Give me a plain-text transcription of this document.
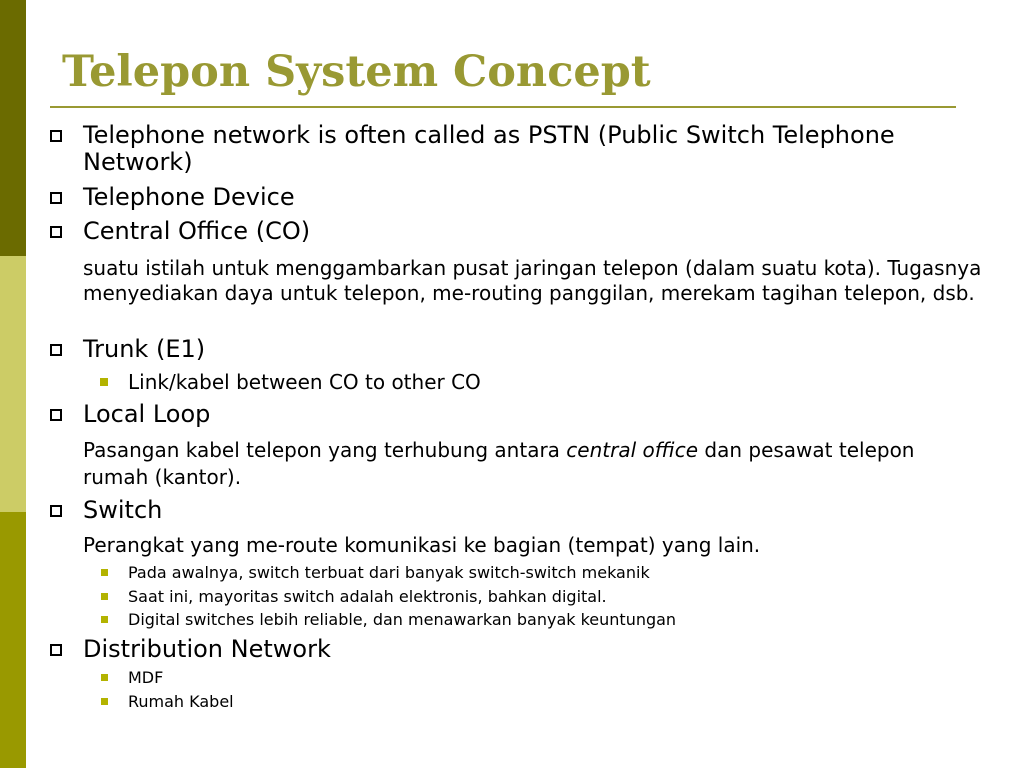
Telepon System Concept

Telephone network is often called as PSTN (Public Switch Telephone Network)

Telephone Device

Central Office (CO)

suatu istilah untuk menggambarkan pusat jaringan telepon (dalam suatu kota). Tugasnya menyediakan daya untuk telepon, me-routing panggilan, merekam tagihan telepon, dsb.

Trunk (E1)

Link/kabel between CO to other CO

Local Loop

Pasangan kabel telepon yang terhubung antara central office dan pesawat telepon rumah (kantor).

Switch

Perangkat yang me-route komunikasi ke bagian (tempat) yang lain.

Pada awalnya, switch terbuat dari banyak switch-switch mekanik

Saat ini, mayoritas switch adalah elektronis, bahkan digital.

Digital switches lebih reliable, dan menawarkan banyak keuntungan

Distribution Network

MDF

Rumah Kabel
